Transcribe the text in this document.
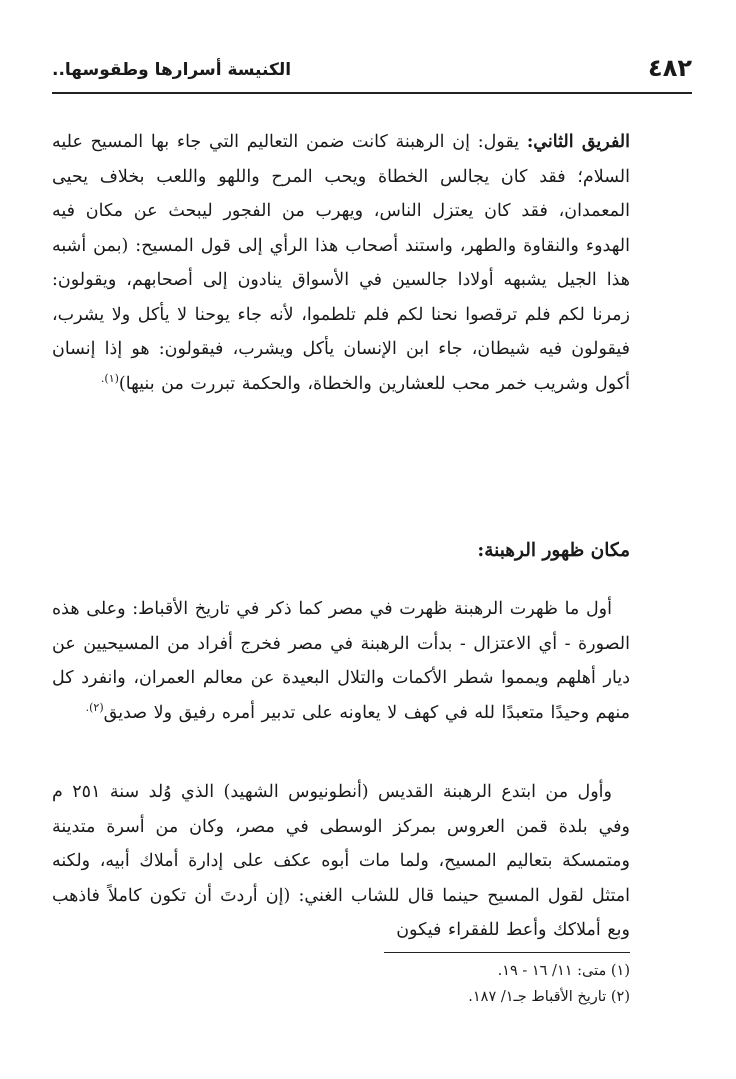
الكنيسة أسرارها وطقوسها..	٤٨٢
الفريق الثاني: يقول: إن الرهبنة كانت ضمن التعاليم التي جاء بها المسيح عليه السلام؛ فقد كان يجالس الخطاة ويحب المرح واللهو واللعب بخلاف يحيى المعمدان، فقد كان يعتزل الناس، ويهرب من الفجور ليبحث عن مكان فيه الهدوء والنقاوة والطهر، واستند أصحاب هذا الرأي إلى قول المسيح: (بمن أشبه هذا الجيل يشبهه أولادا جالسين في الأسواق ينادون إلى أصحابهم، ويقولون: زمرنا لكم فلم ترقصوا نحنا لكم فلم تلطموا، لأنه جاء يوحنا لا يأكل ولا يشرب، فيقولون فيه شيطان، جاء ابن الإنسان يأكل ويشرب، فيقولون: هو إذا إنسان أكول وشريب خمر محب للعشارين والخطاة، والحكمة تبررت من بنيها)$^{(١).}$
مكان ظهور الرهبنة:
أول ما ظهرت الرهبنة ظهرت في مصر كما ذكر في تاريخ الأقباط: وعلى هذه الصورة - أي الاعتزال - بدأت الرهبنة في مصر فخرج أفراد من المسيحيين عن ديار أهلهم ويمموا شطر الأكمات والتلال البعيدة عن معالم العمران، وانفرد كل منهم وحيدًا متعبدًا لله في كهف لا يعاونه على تدبير أمره رفيق ولا صديق$^{(٢).}$
وأول من ابتدع الرهبنة القديس (أنطونيوس الشهيد) الذي وُلد سنة ٢٥١ م وفي بلدة قمن العروس بمركز الوسطى في مصر، وكان من أسرة متدينة ومتمسكة بتعاليم المسيح، ولما مات أبوه عكف على إدارة أملاك أبيه، ولكنه امتثل لقول المسيح حينما قال للشاب الغني: (إن أردتَ أن تكون كاملاً فاذهب وبع أملاكك وأعط للفقراء فيكون
(١) متى: ١١/ ١٦ - ١٩.
(٢) تاريخ الأقباط جـ١/ ١٨٧.
